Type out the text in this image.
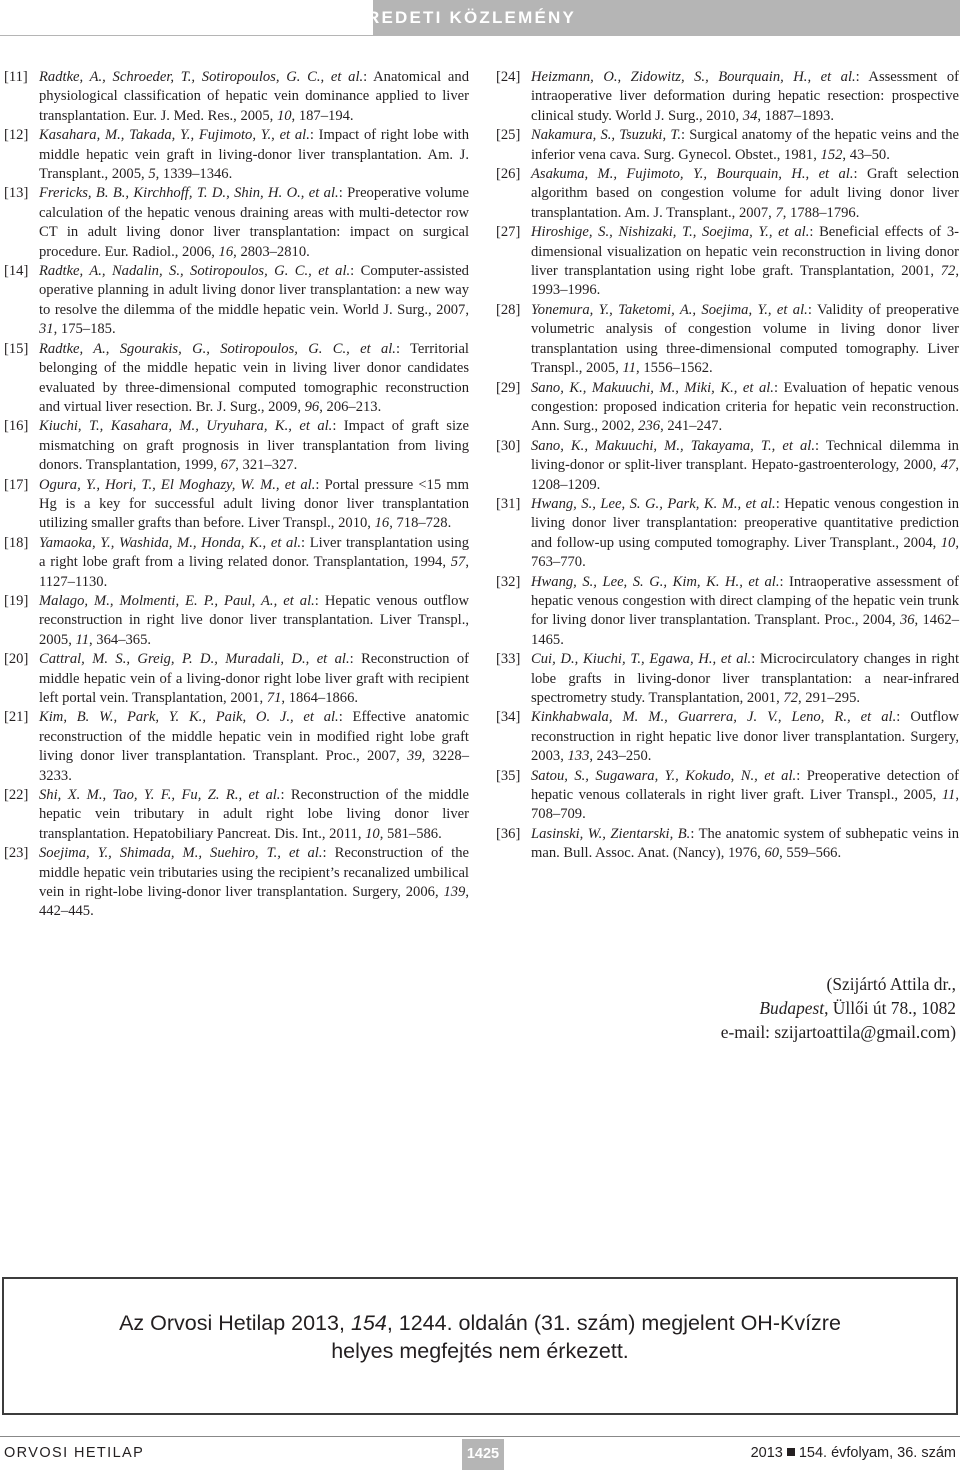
EREDETI KÖZLEMÉNY
[11] Radtke, A., Schroeder, T., Sotiropoulos, G. C., et al.: Anatomical and physiological classification of hepatic vein dominance applied to liver transplantation. Eur. J. Med. Res., 2005, 10, 187–194.
[12] Kasahara, M., Takada, Y., Fujimoto, Y., et al.: Impact of right lobe with middle hepatic vein graft in living-donor liver transplantation. Am. J. Transplant., 2005, 5, 1339–1346.
[13] Frericks, B. B., Kirchhoff, T. D., Shin, H. O., et al.: Preoperative volume calculation of the hepatic venous draining areas with multi-detector row CT in adult living donor liver transplantation: impact on surgical procedure. Eur. Radiol., 2006, 16, 2803–2810.
[14] Radtke, A., Nadalin, S., Sotiropoulos, G. C., et al.: Computer-assisted operative planning in adult living donor liver transplantation: a new way to resolve the dilemma of the middle hepatic vein. World J. Surg., 2007, 31, 175–185.
[15] Radtke, A., Sgourakis, G., Sotiropoulos, G. C., et al.: Territorial belonging of the middle hepatic vein in living liver donor candidates evaluated by three-dimensional computed tomographic reconstruction and virtual liver resection. Br. J. Surg., 2009, 96, 206–213.
[16] Kiuchi, T., Kasahara, M., Uryuhara, K., et al.: Impact of graft size mismatching on graft prognosis in liver transplantation from living donors. Transplantation, 1999, 67, 321–327.
[17] Ogura, Y., Hori, T., El Moghazy, W. M., et al.: Portal pressure <15 mm Hg is a key for successful adult living donor liver transplantation utilizing smaller grafts than before. Liver Transpl., 2010, 16, 718–728.
[18] Yamaoka, Y., Washida, M., Honda, K., et al.: Liver transplantation using a right lobe graft from a living related donor. Transplantation, 1994, 57, 1127–1130.
[19] Malago, M., Molmenti, E. P., Paul, A., et al.: Hepatic venous outflow reconstruction in right live donor liver transplantation. Liver Transpl., 2005, 11, 364–365.
[20] Cattral, M. S., Greig, P. D., Muradali, D., et al.: Reconstruction of middle hepatic vein of a living-donor right lobe liver graft with recipient left portal vein. Transplantation, 2001, 71, 1864–1866.
[21] Kim, B. W., Park, Y. K., Paik, O. J., et al.: Effective anatomic reconstruction of the middle hepatic vein in modified right lobe graft living donor liver transplantation. Transplant. Proc., 2007, 39, 3228–3233.
[22] Shi, X. M., Tao, Y. F., Fu, Z. R., et al.: Reconstruction of the middle hepatic vein tributary in adult right lobe living donor liver transplantation. Hepatobiliary Pancreat. Dis. Int., 2011, 10, 581–586.
[23] Soejima, Y., Shimada, M., Suehiro, T., et al.: Reconstruction of the middle hepatic vein tributaries using the recipient’s recanalized umbilical vein in right-lobe living-donor liver transplantation. Surgery, 2006, 139, 442–445.
[24] Heizmann, O., Zidowitz, S., Bourquain, H., et al.: Assessment of intraoperative liver deformation during hepatic resection: prospective clinical study. World J. Surg., 2010, 34, 1887–1893.
[25] Nakamura, S., Tsuzuki, T.: Surgical anatomy of the hepatic veins and the inferior vena cava. Surg. Gynecol. Obstet., 1981, 152, 43–50.
[26] Asakuma, M., Fujimoto, Y., Bourquain, H., et al.: Graft selection algorithm based on congestion volume for adult living donor liver transplantation. Am. J. Transplant., 2007, 7, 1788–1796.
[27] Hiroshige, S., Nishizaki, T., Soejima, Y., et al.: Beneficial effects of 3-dimensional visualization on hepatic vein reconstruction in living donor liver transplantation using right lobe graft. Transplantation, 2001, 72, 1993–1996.
[28] Yonemura, Y., Taketomi, A., Soejima, Y., et al.: Validity of preoperative volumetric analysis of congestion volume in living donor liver transplantation using three-dimensional computed tomography. Liver Transpl., 2005, 11, 1556–1562.
[29] Sano, K., Makuuchi, M., Miki, K., et al.: Evaluation of hepatic venous congestion: proposed indication criteria for hepatic vein reconstruction. Ann. Surg., 2002, 236, 241–247.
[30] Sano, K., Makuuchi, M., Takayama, T., et al.: Technical dilemma in living-donor or split-liver transplant. Hepato-gastroenterology, 2000, 47, 1208–1209.
[31] Hwang, S., Lee, S. G., Park, K. M., et al.: Hepatic venous congestion in living donor liver transplantation: preoperative quantitative prediction and follow-up using computed tomography. Liver Transplant., 2004, 10, 763–770.
[32] Hwang, S., Lee, S. G., Kim, K. H., et al.: Intraoperative assessment of hepatic venous congestion with direct clamping of the hepatic vein trunk for living donor liver transplantation. Transplant. Proc., 2004, 36, 1462–1465.
[33] Cui, D., Kiuchi, T., Egawa, H., et al.: Microcirculatory changes in right lobe grafts in living-donor liver transplantation: a near-infrared spectrometry study. Transplantation, 2001, 72, 291–295.
[34] Kinkhabwala, M. M., Guarrera, J. V., Leno, R., et al.: Outflow reconstruction in right hepatic live donor liver transplantation. Surgery, 2003, 133, 243–250.
[35] Satou, S., Sugawara, Y., Kokudo, N., et al.: Preoperative detection of hepatic venous collaterals in right liver graft. Liver Transpl., 2005, 11, 708–709.
[36] Lasinski, W., Zientarski, B.: The anatomic system of subhepatic veins in man. Bull. Assoc. Anat. (Nancy), 1976, 60, 559–566.
(Szijártó Attila dr.,
Budapest, Üllői út 78., 1082
e-mail: szijartoattila@gmail.com)
Az Orvosi Hetilap 2013, 154, 1244. oldalán (31. szám) megjelent OH-Kvízre
helyes megfejtés nem érkezett.
ORVOSI HETILAP	1425	2013 154. évfolyam, 36. szám
